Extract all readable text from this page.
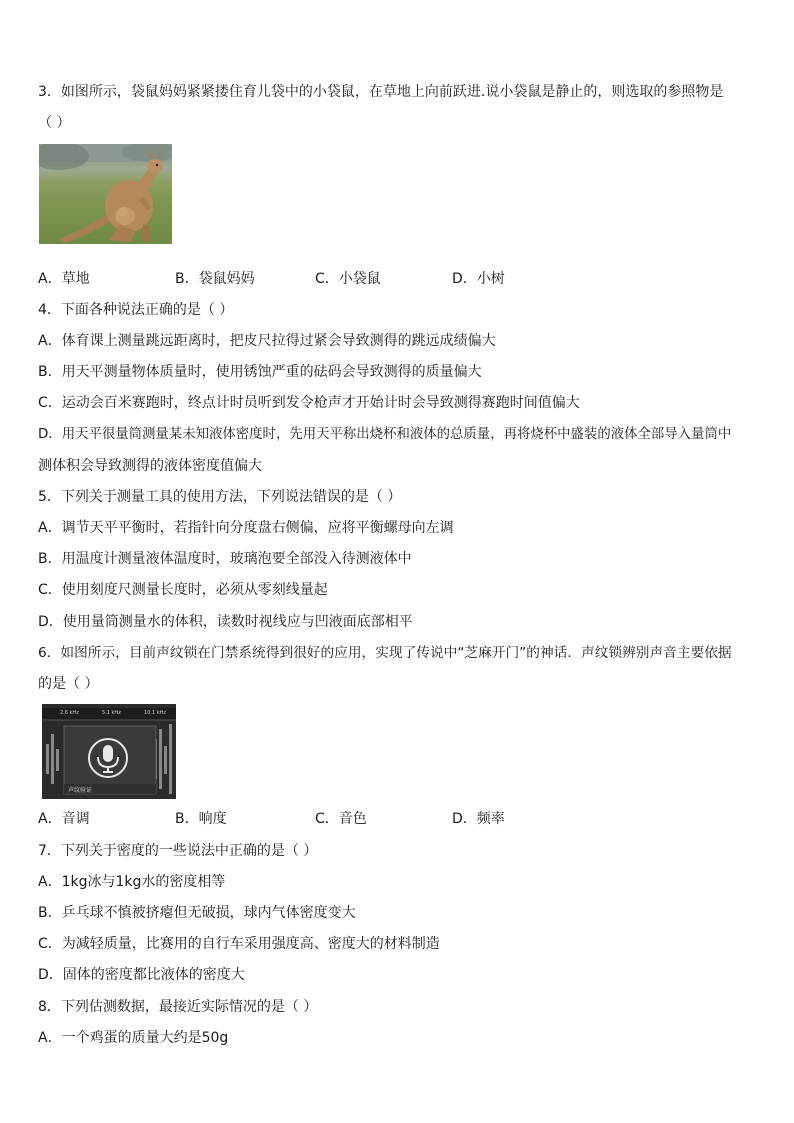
3．如图所示，袋鼠妈妈紧紧搂住育儿袋中的小袋鼠，在草地上向前跃进.说小袋鼠是静止的，则选取的参照物是
（ ）
A．草地	B．袋鼠妈妈	C．小袋鼠	D．小树
4．下面各种说法正确的是（ ）
A．体育课上测量跳远距离时，把皮尺拉得过紧会导致测得的跳远成绩偏大
B．用天平测量物体质量时，使用锈蚀严重的砝码会导致测得的质量偏大
C．运动会百米赛跑时，终点计时员听到发令枪声才开始计时会导致测得赛跑时间值偏大
D．用天平很量筒测量某未知液体密度时，先用天平称出烧杯和液体的总质量，再将烧杯中盛装的液体全部导入量筒中
测体积会导致测得的液体密度值偏大
5．下列关于测量工具的使用方法，下列说法错误的是（ ）
A．调节天平平衡时，若指针向分度盘右侧偏，应将平衡螺母向左调
B．用温度计测量液体温度时，玻璃泡要全部没入待测液体中
C．使用刻度尺测量长度时，必须从零刻线量起
D．使用量筒测量水的体积，读数时视线应与凹液面底部相平
6．如图所示，目前声纹锁在门禁系统得到很好的应用，实现了传说中“芝麻开门”的神话．声纹锁辨别声音主要依据
的是（ ）
2.6 kHz	5.1 kHz	10.1 kHz
声纹验证
A．音调	B．响度	C．音色	D．频率
7．下列关于密度的一些说法中正确的是（ ）
A．1kg冰与1kg水的密度相等
B．乒乓球不慎被挤瘪但无破损，球内气体密度变大
C．为减轻质量，比赛用的自行车采用强度高、密度大的材料制造
D．固体的密度都比液体的密度大
8．下列估测数据，最接近实际情况的是（ ）
A．一个鸡蛋的质量大约是50g
